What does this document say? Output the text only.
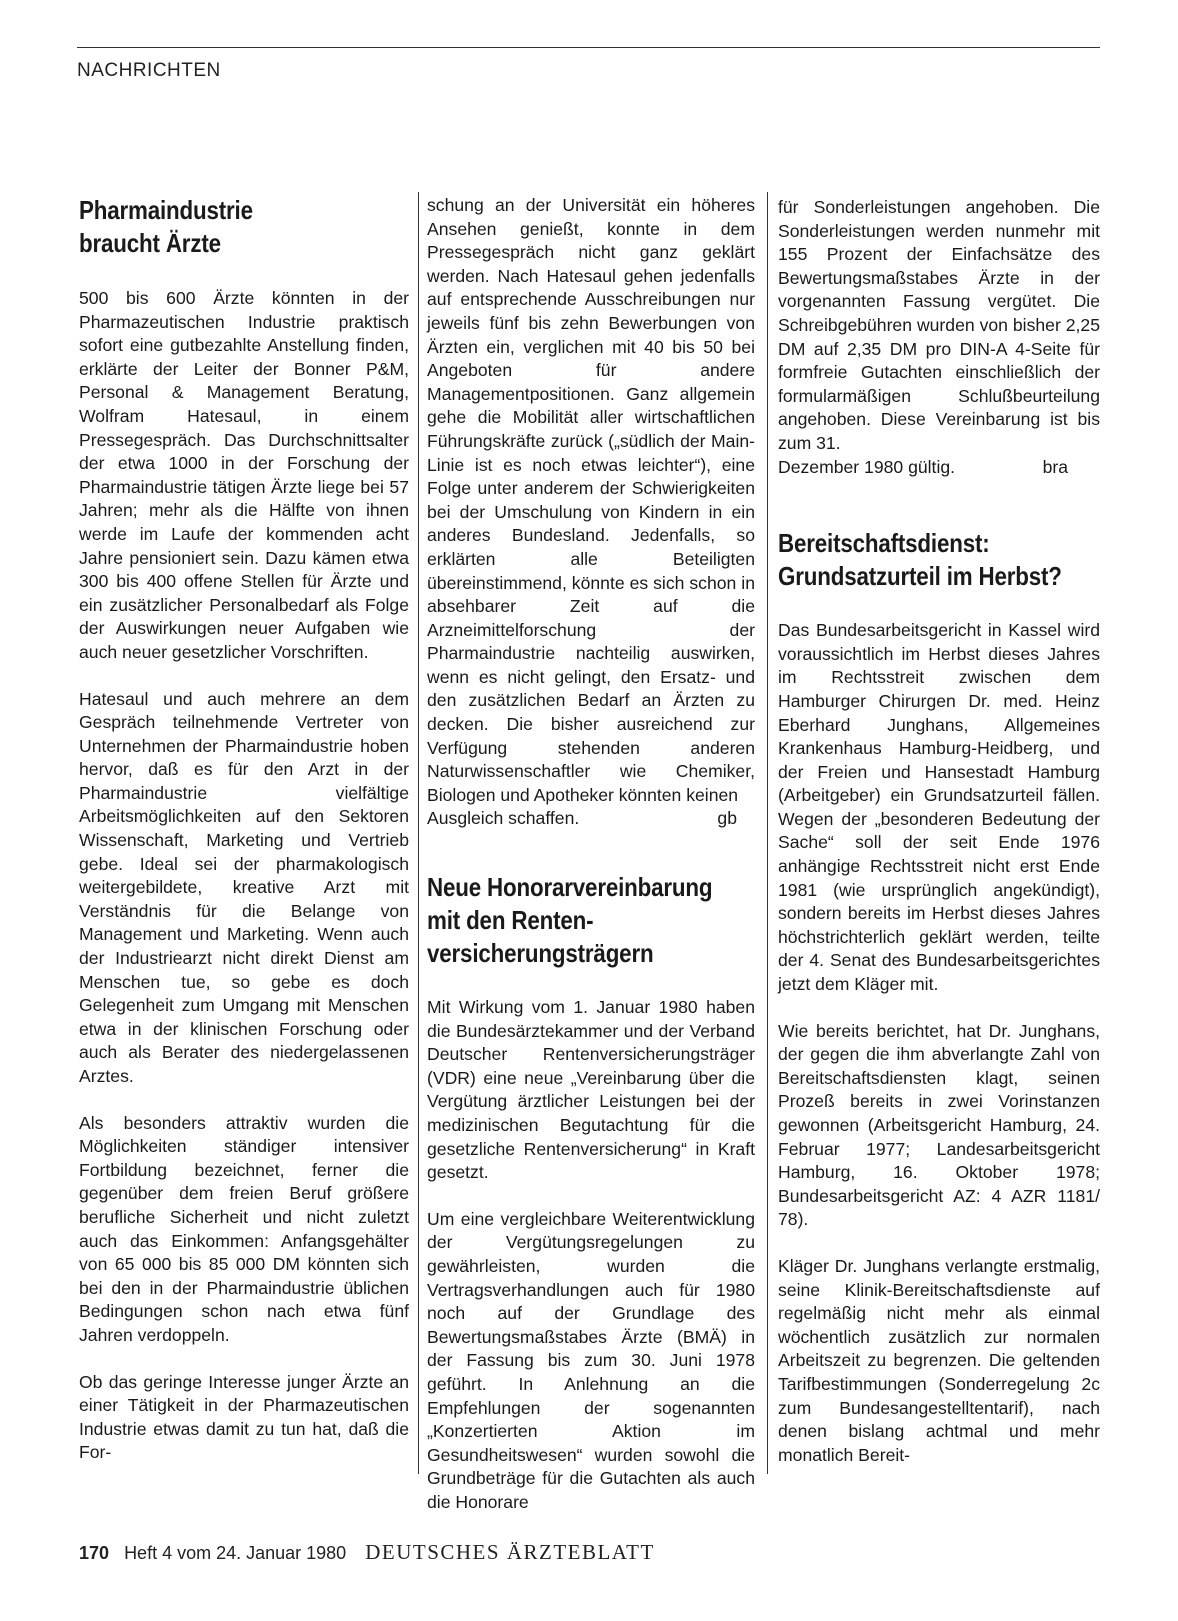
NACHRICHTEN
Pharmaindustrie
braucht Ärzte

500 bis 600 Ärzte könnten in der Pharmazeutischen Industrie praktisch sofort eine gutbezahlte Anstellung finden, erklärte der Leiter der Bonner P&M, Personal & Management Beratung, Wolfram Hatesaul, in einem Pressegespräch. Das Durchschnittsalter der etwa 1000 in der Forschung der Pharmaindustrie tätigen Ärzte liege bei 57 Jahren; mehr als die Hälfte von ihnen werde im Laufe der kommenden acht Jahre pensioniert sein. Dazu kämen etwa 300 bis 400 offene Stellen für Ärzte und ein zusätzlicher Personalbedarf als Folge der Auswirkungen neuer Aufgaben wie auch neuer gesetzlicher Vorschriften.

Hatesaul und auch mehrere an dem Gespräch teilnehmende Vertreter von Unternehmen der Pharmaindustrie hoben hervor, daß es für den Arzt in der Pharmaindustrie vielfältige Arbeitsmöglichkeiten auf den Sektoren Wissenschaft, Marketing und Vertrieb gebe. Ideal sei der pharmakologisch weitergebildete, kreative Arzt mit Verständnis für die Belange von Management und Marketing. Wenn auch der Industriearzt nicht direkt Dienst am Menschen tue, so gebe es doch Gelegenheit zum Umgang mit Menschen etwa in der klinischen Forschung oder auch als Berater des niedergelassenen Arztes.

Als besonders attraktiv wurden die Möglichkeiten ständiger intensiver Fortbildung bezeichnet, ferner die gegenüber dem freien Beruf größere berufliche Sicherheit und nicht zuletzt auch das Einkommen: Anfangsgehälter von 65 000 bis 85 000 DM könnten sich bei den in der Pharmaindustrie üblichen Bedingungen schon nach etwa fünf Jahren verdoppeln.

Ob das geringe Interesse junger Ärzte an einer Tätigkeit in der Pharmazeutischen Industrie etwas damit zu tun hat, daß die For-

schung an der Universität ein höheres Ansehen genießt, konnte in dem Pressegespräch nicht ganz geklärt werden. Nach Hatesaul gehen jedenfalls auf entsprechende Ausschreibungen nur jeweils fünf bis zehn Bewerbungen von Ärzten ein, verglichen mit 40 bis 50 bei Angeboten für andere Managementpositionen. Ganz allgemein gehe die Mobilität aller wirtschaftlichen Führungskräfte zurück („südlich der Main-Linie ist es noch etwas leichter“), eine Folge unter anderem der Schwierigkeiten bei der Umschulung von Kindern in ein anderes Bundesland. Jedenfalls, so erklärten alle Beteiligten übereinstimmend, könnte es sich schon in absehbarer Zeit auf die Arzneimittelforschung der Pharmaindustrie nachteilig auswirken, wenn es nicht gelingt, den Ersatz- und den zusätzlichen Bedarf an Ärzten zu decken. Die bisher ausreichend zur Verfügung stehenden anderen Naturwissenschaftler wie Chemiker, Biologen und Apotheker könnten keinen

Ausgleich schaffen.	gb

Neue Honorarvereinbarung
mit den Renten-
versicherungsträgern

Mit Wirkung vom 1. Januar 1980 haben die Bundesärztekammer und der Verband Deutscher Rentenversicherungsträger (VDR) eine neue „Vereinbarung über die Vergütung ärztlicher Leistungen bei der medizinischen Begutachtung für die gesetzliche Rentenversicherung“ in Kraft gesetzt.

Um eine vergleichbare Weiterentwicklung der Vergütungsregelungen zu gewährleisten, wurden die Vertragsverhandlungen auch für 1980 noch auf der Grundlage des Bewertungsmaßstabes Ärzte (BMÄ) in der Fassung bis zum 30. Juni 1978 geführt. In Anlehnung an die Empfehlungen der sogenannten „Konzertierten Aktion im Gesundheitswesen“ wurden sowohl die Grundbeträge für die Gutachten als auch die Honorare

für Sonderleistungen angehoben. Die Sonderleistungen werden nunmehr mit 155 Prozent der Einfachsätze des Bewertungsmaßstabes Ärzte in der vorgenannten Fassung vergütet. Die Schreibgebühren wurden von bisher 2,25 DM auf 2,35 DM pro DIN-A 4-Seite für formfreie Gutachten einschließlich der formularmäßigen Schlußbeurteilung angehoben. Diese Vereinbarung ist bis zum 31.

Dezember 1980 gültig.	bra

Bereitschaftsdienst:
Grundsatzurteil im Herbst?

Das Bundesarbeitsgericht in Kassel wird voraussichtlich im Herbst dieses Jahres im Rechtsstreit zwischen dem Hamburger Chirurgen Dr. med. Heinz Eberhard Junghans, Allgemeines Krankenhaus Hamburg-Heidberg, und der Freien und Hansestadt Hamburg (Arbeitgeber) ein Grundsatzurteil fällen. Wegen der „besonderen Bedeutung der Sache“ soll der seit Ende 1976 anhängige Rechtsstreit nicht erst Ende 1981 (wie ursprünglich angekündigt), sondern bereits im Herbst dieses Jahres höchstrichterlich geklärt werden, teilte der 4. Senat des Bundesarbeitsgerichtes jetzt dem Kläger mit.

Wie bereits berichtet, hat Dr. Junghans, der gegen die ihm abverlangte Zahl von Bereitschaftsdiensten klagt, seinen Prozeß bereits in zwei Vorinstanzen gewonnen (Arbeitsgericht Hamburg, 24. Februar 1977; Landesarbeitsgericht Hamburg, 16. Oktober 1978; Bundesarbeitsgericht AZ: 4 AZR 1181/ 78).

Kläger Dr. Junghans verlangte erstmalig, seine Klinik-Bereitschaftsdienste auf regelmäßig nicht mehr als einmal wöchentlich zusätzlich zur normalen Arbeitszeit zu begrenzen. Die geltenden Tarifbestimmungen (Sonderregelung 2c zum Bundesangestelltentarif), nach denen bislang achtmal und mehr monatlich Bereit-

170 Heft 4 vom 24. Januar 1980 DEUTSCHES ÄRZTEBLATT
